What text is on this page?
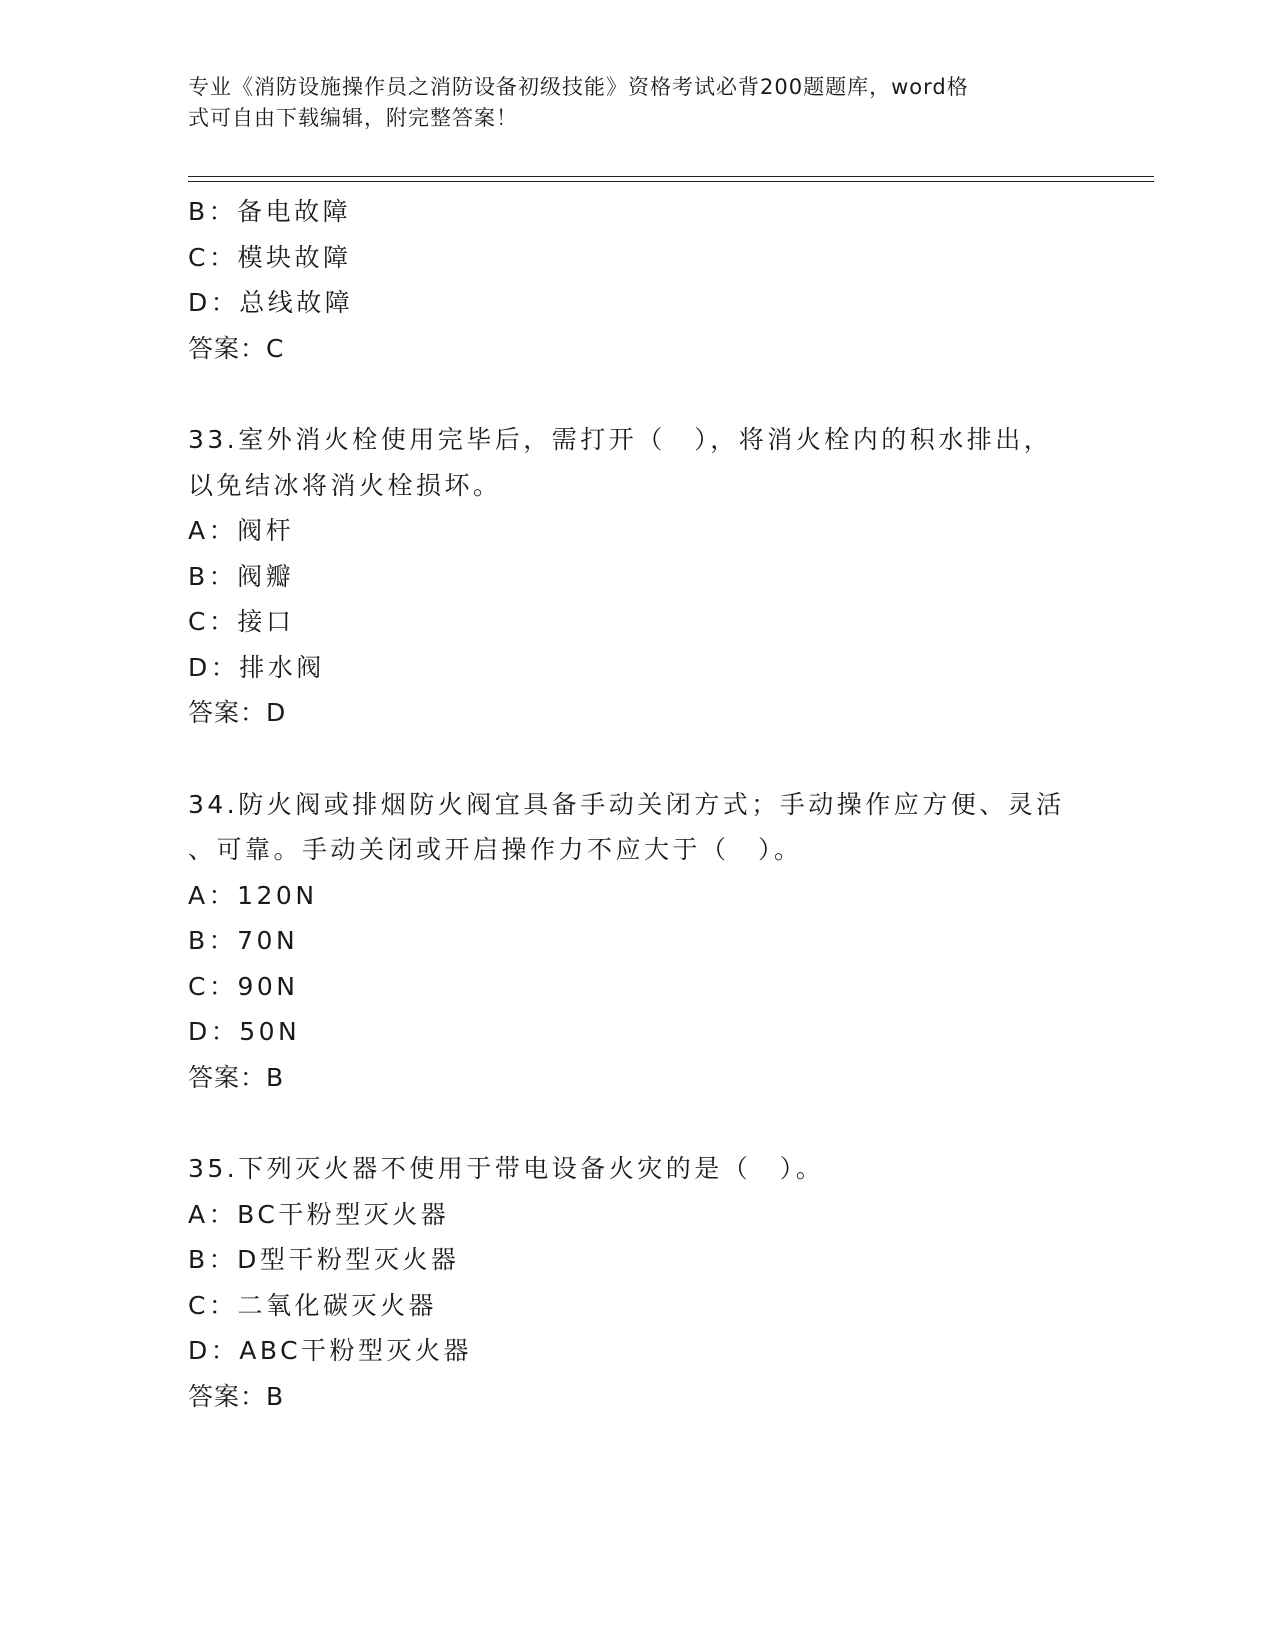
专业《消防设施操作员之消防设备初级技能》资格考试必背200题题库，word格
式可自由下载编辑，附完整答案！
B：备电故障
C：模块故障
D：总线故障
答案：C
33.室外消火栓使用完毕后，需打开（　），将消火栓内的积水排出，
以免结冰将消火栓损坏。
A：阀杆
B：阀瓣
C：接口
D：排水阀
答案：D
34.防火阀或排烟防火阀宜具备手动关闭方式；手动操作应方便、灵活
、可靠。手动关闭或开启操作力不应大于（　）。
A：120N
B：70N
C：90N
D：50N
答案：B
35.下列灭火器不使用于带电设备火灾的是（　）。
A：BC干粉型灭火器
B：D型干粉型灭火器
C：二氧化碳灭火器
D：ABC干粉型灭火器
答案：B
